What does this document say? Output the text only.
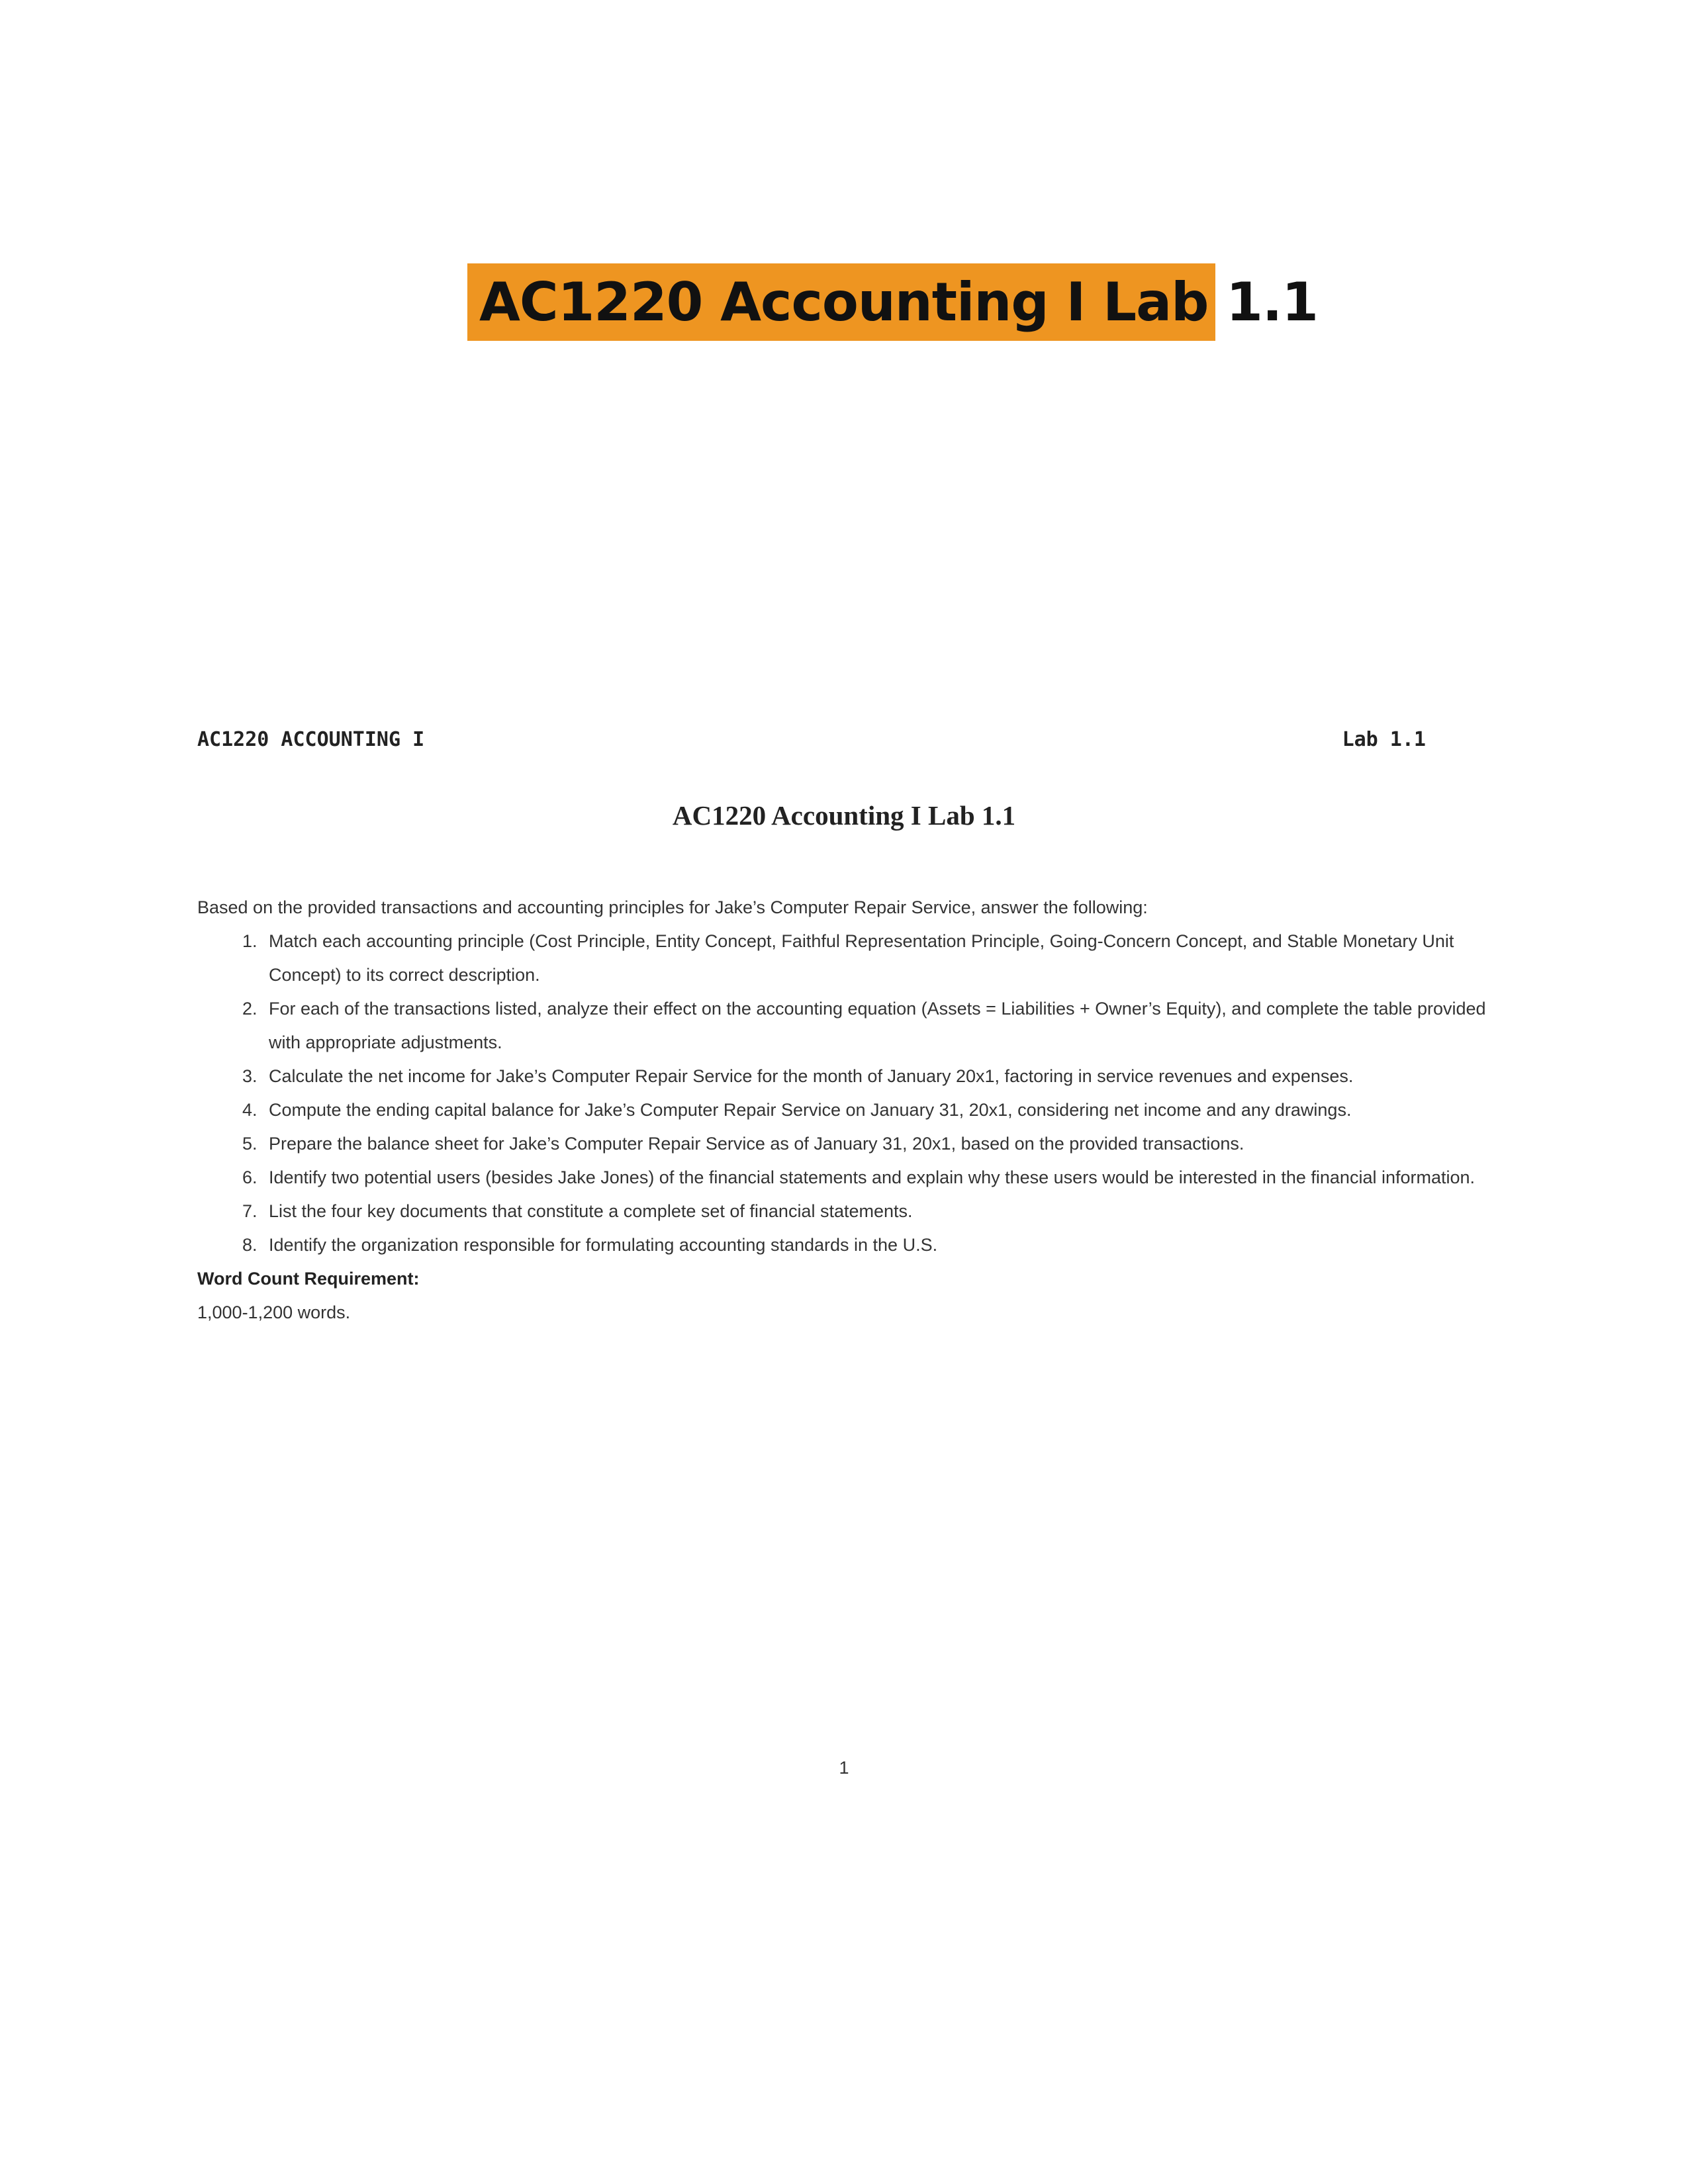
AC1220 Accounting I Lab 1.1
AC1220 ACCOUNTING I	Lab 1.1
AC1220 Accounting I Lab 1.1

Based on the provided transactions and accounting principles for Jake’s Computer Repair Service, answer the following:

1. Match each accounting principle (Cost Principle, Entity Concept, Faithful Representation Principle, Going-Concern Concept, and Stable Monetary Unit Concept) to its correct description.
2. For each of the transactions listed, analyze their effect on the accounting equation (Assets = Liabilities + Owner’s Equity), and complete the table provided with appropriate adjustments.
3. Calculate the net income for Jake’s Computer Repair Service for the month of January 20x1, factoring in service revenues and expenses.
4. Compute the ending capital balance for Jake’s Computer Repair Service on January 31, 20x1, considering net income and any drawings.
5. Prepare the balance sheet for Jake’s Computer Repair Service as of January 31, 20x1, based on the provided transactions.
6. Identify two potential users (besides Jake Jones) of the financial statements and explain why these users would be interested in the financial information.
7. List the four key documents that constitute a complete set of financial statements.
8. Identify the organization responsible for formulating accounting standards in the U.S.

Word Count Requirement:

1,000-1,200 words.

1
